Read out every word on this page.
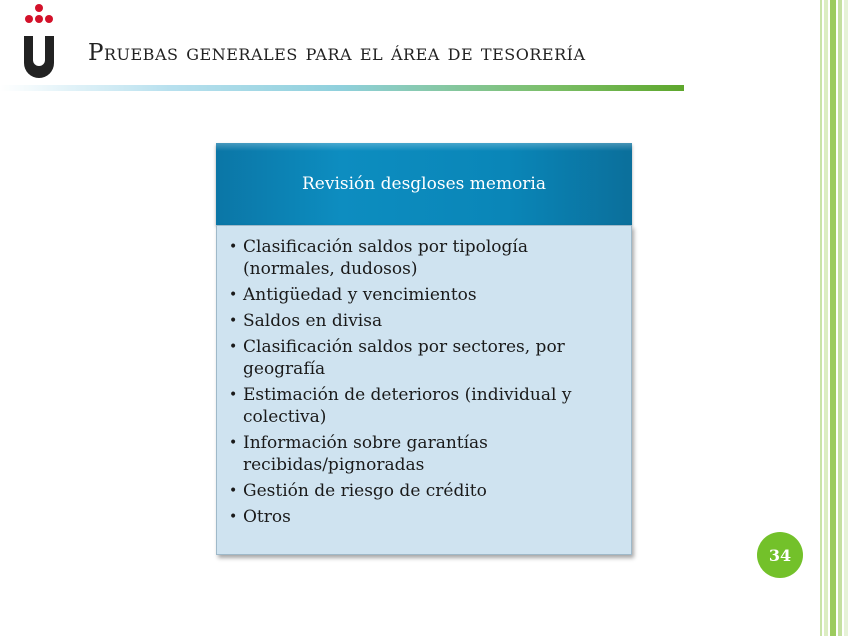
Pruebas generales para el área de tesorería
Revisión desgloses memoria
• Clasificación saldos por tipología (normales, dudosos)
• Antigüedad y vencimientos
• Saldos en divisa
• Clasificación saldos por sectores, por geografía
• Estimación de deterioros (individual y colectiva)
• Información sobre garantías recibidas/pignoradas
• Gestión de riesgo de crédito
• Otros
34
